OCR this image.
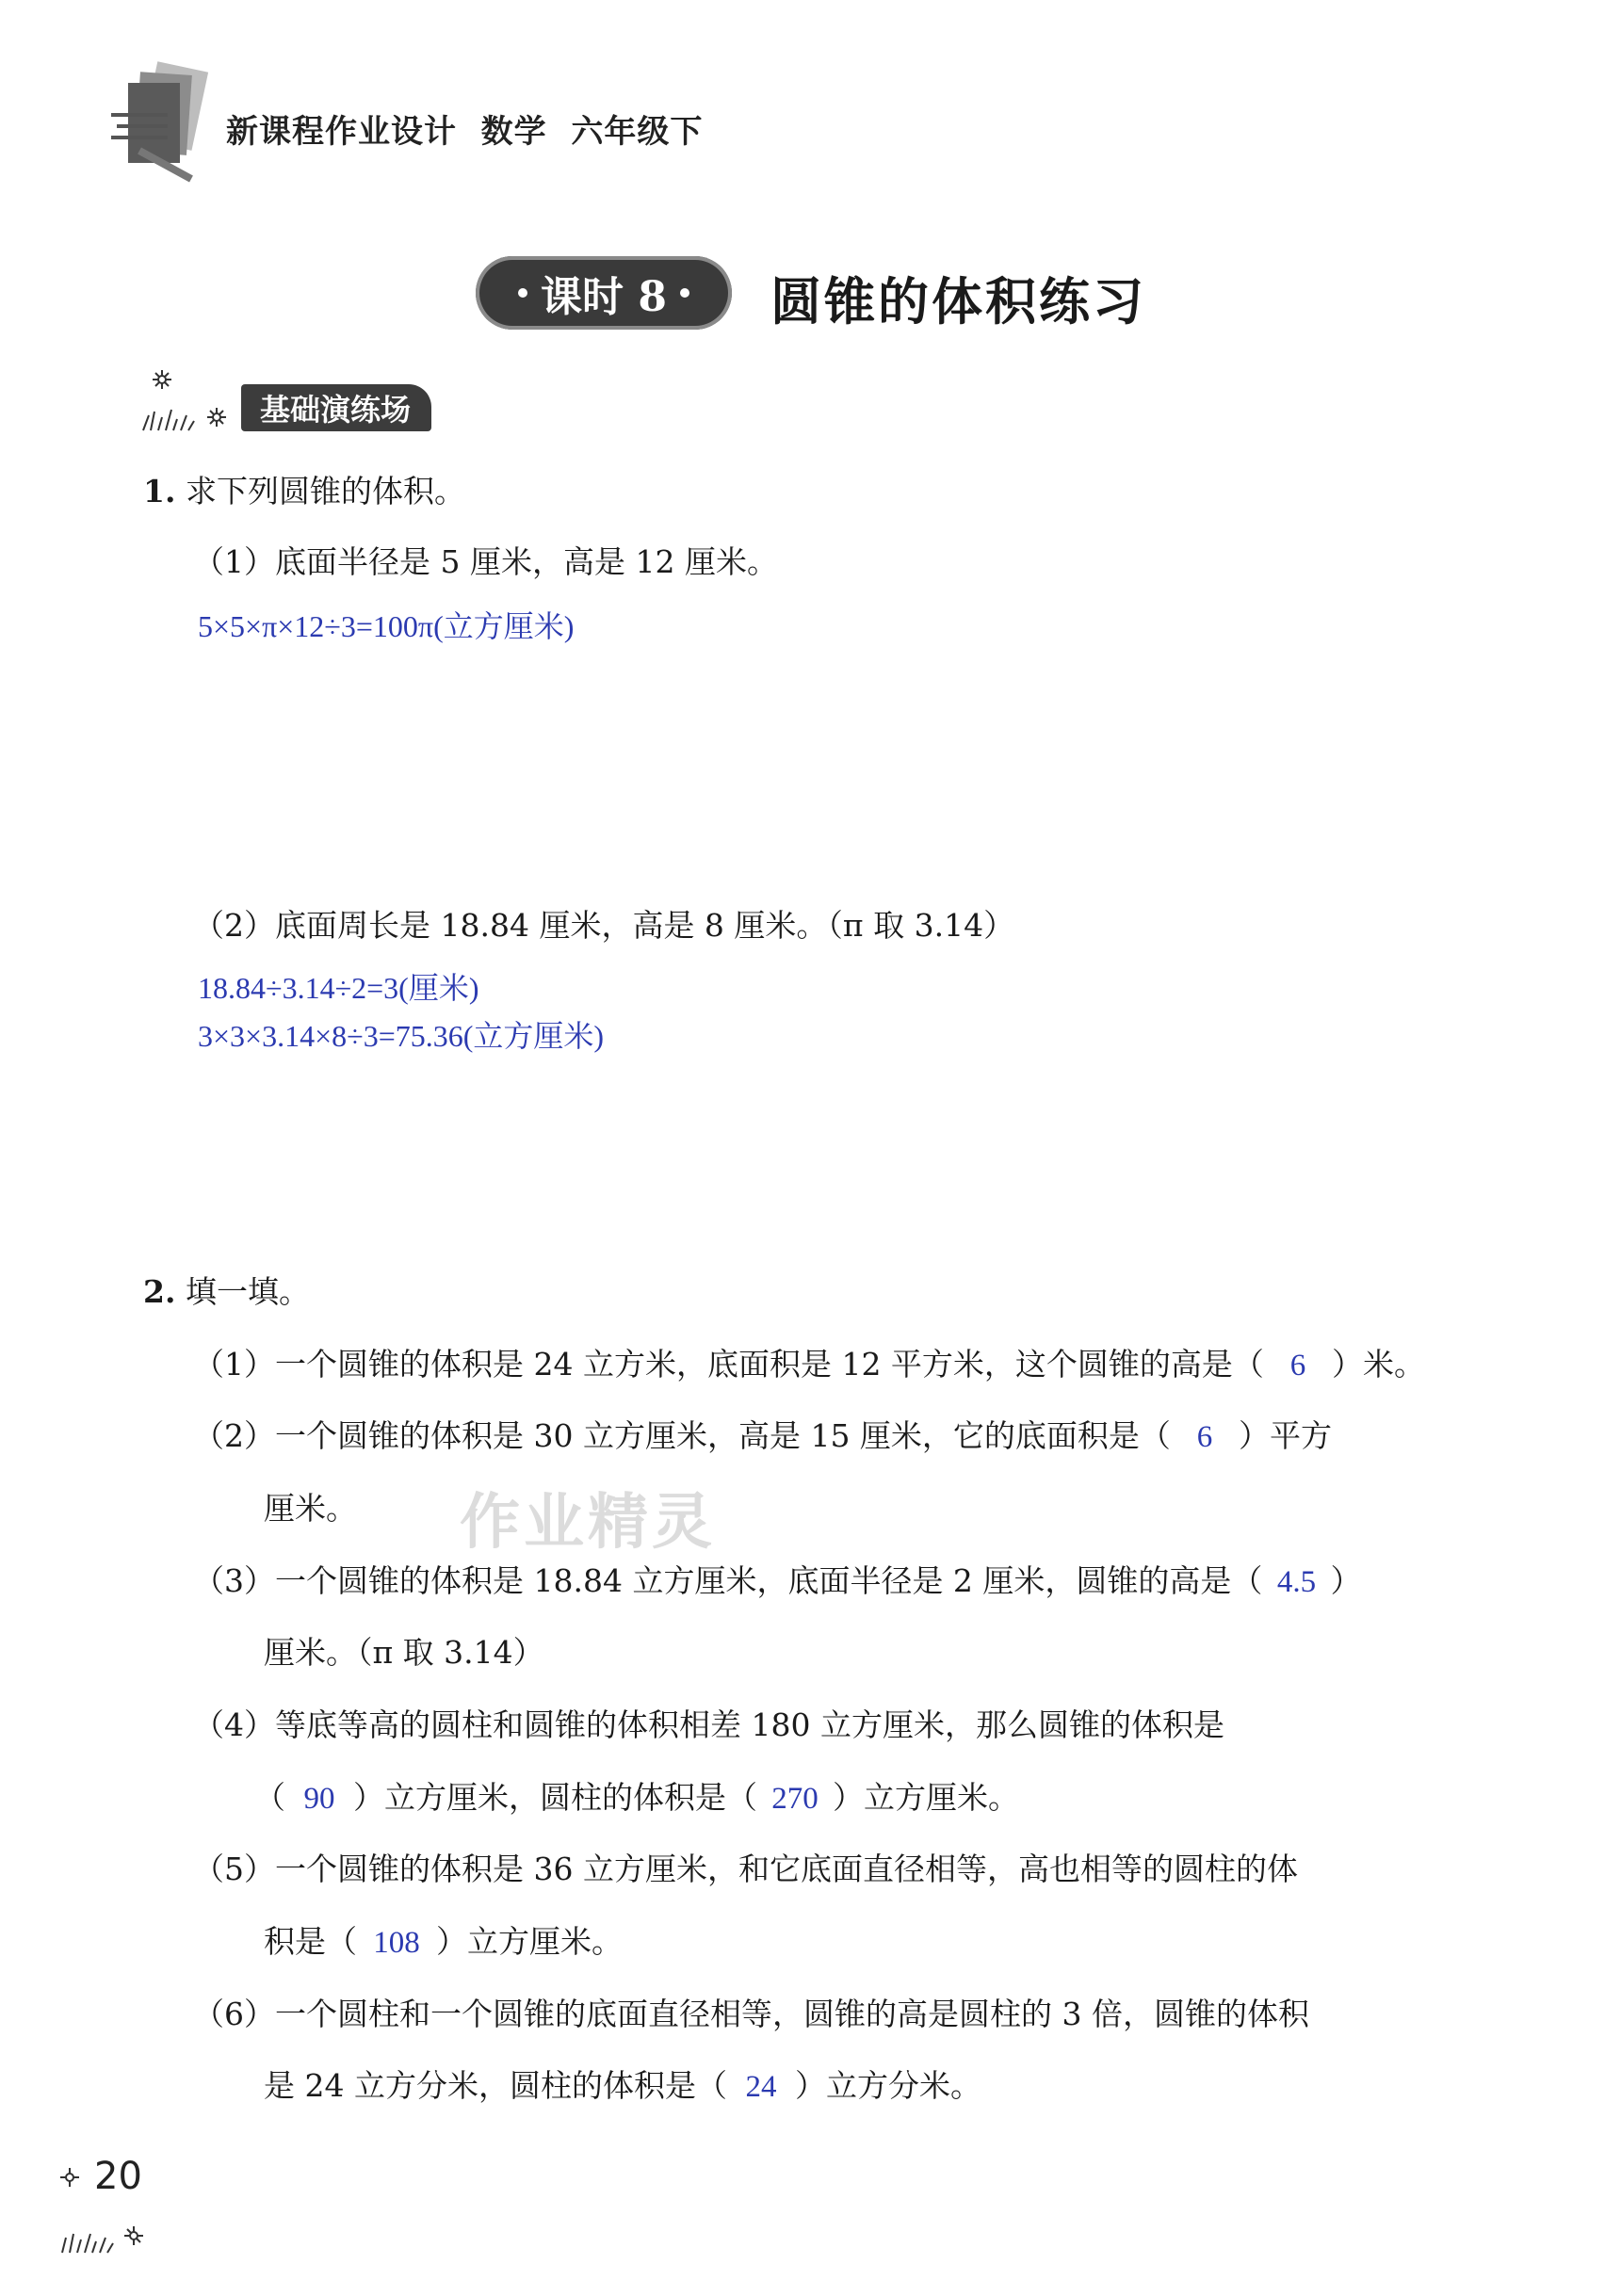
新课程作业设计  数学  六年级下
课时 8 圆锥的体积练习
基础演练场
1. 求下列圆锥的体积。
（1）底面半径是 5 厘米，高是 12 厘米。
5×5×π×12÷3=100π(立方厘米)
（2）底面周长是 18.84 厘米，高是 8 厘米。（π 取 3.14）
18.84÷3.14÷2=3(厘米)
3×3×3.14×8÷3=75.36(立方厘米)
2. 填一填。
（1）一个圆锥的体积是 24 立方米，底面积是 12 平方米，这个圆锥的高是（ 6 ）米。
（2）一个圆锥的体积是 30 立方厘米，高是 15 厘米，它的底面积是（ 6 ）平方
厘米。 作业精灵
（3）一个圆锥的体积是 18.84 立方厘米，底面半径是 2 厘米，圆锥的高是（ 4.5 ）
厘米。（π 取 3.14）
（4）等底等高的圆柱和圆锥的体积相差 180 立方厘米，那么圆锥的体积是
（ 90 ）立方厘米，圆柱的体积是（ 270 ）立方厘米。
（5）一个圆锥的体积是 36 立方厘米，和它底面直径相等，高也相等的圆柱的体
积是（ 108 ）立方厘米。
（6）一个圆柱和一个圆锥的底面直径相等，圆锥的高是圆柱的 3 倍，圆锥的体积
是 24 立方分米，圆柱的体积是（ 24 ）立方分米。
20
